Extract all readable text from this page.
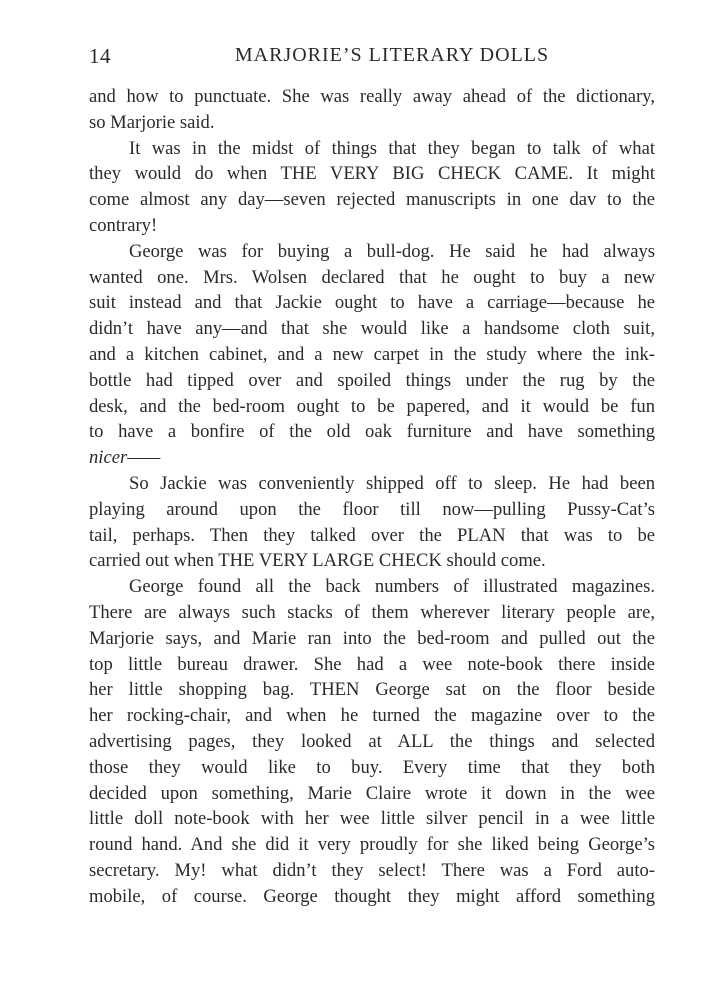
14	MARJORIE’S LITERARY DOLLS
and how to punctuate. She was really away ahead of the dictionary,
so Marjorie said.
It was in the midst of things that they began to talk of what
they would do when THE VERY BIG CHECK CAME. It might
come almost any day—seven rejected manuscripts in one dav to the
contrary!
George was for buying a bull-dog. He said he had always
wanted one. Mrs. Wolsen declared that he ought to buy a new
suit instead and that Jackie ought to have a carriage—because he
didn’t have any—and that she would like a handsome cloth suit,
and a kitchen cabinet, and a new carpet in the study where the ink-
bottle had tipped over and spoiled things under the rug by the
desk, and the bed-room ought to be papered, and it would be fun
to have a bonfire of the old oak furniture and have something
nicer——
So Jackie was conveniently shipped off to sleep. He had been
playing around upon the floor till now—pulling Pussy-Cat’s
tail, perhaps. Then they talked over the PLAN that was to be
carried out when THE VERY LARGE CHECK should come.
George found all the back numbers of illustrated magazines.
There are always such stacks of them wherever literary people are,
Marjorie says, and Marie ran into the bed-room and pulled out the
top little bureau drawer. She had a wee note-book there inside
her little shopping bag. THEN George sat on the floor beside
her rocking-chair, and when he turned the magazine over to the
advertising pages, they looked at ALL the things and selected
those they would like to buy. Every time that they both
decided upon something, Marie Claire wrote it down in the wee
little doll note-book with her wee little silver pencil in a wee little
round hand. And she did it very proudly for she liked being George’s
secretary. My! what didn’t they select! There was a Ford auto-
mobile, of course. George thought they might afford something
